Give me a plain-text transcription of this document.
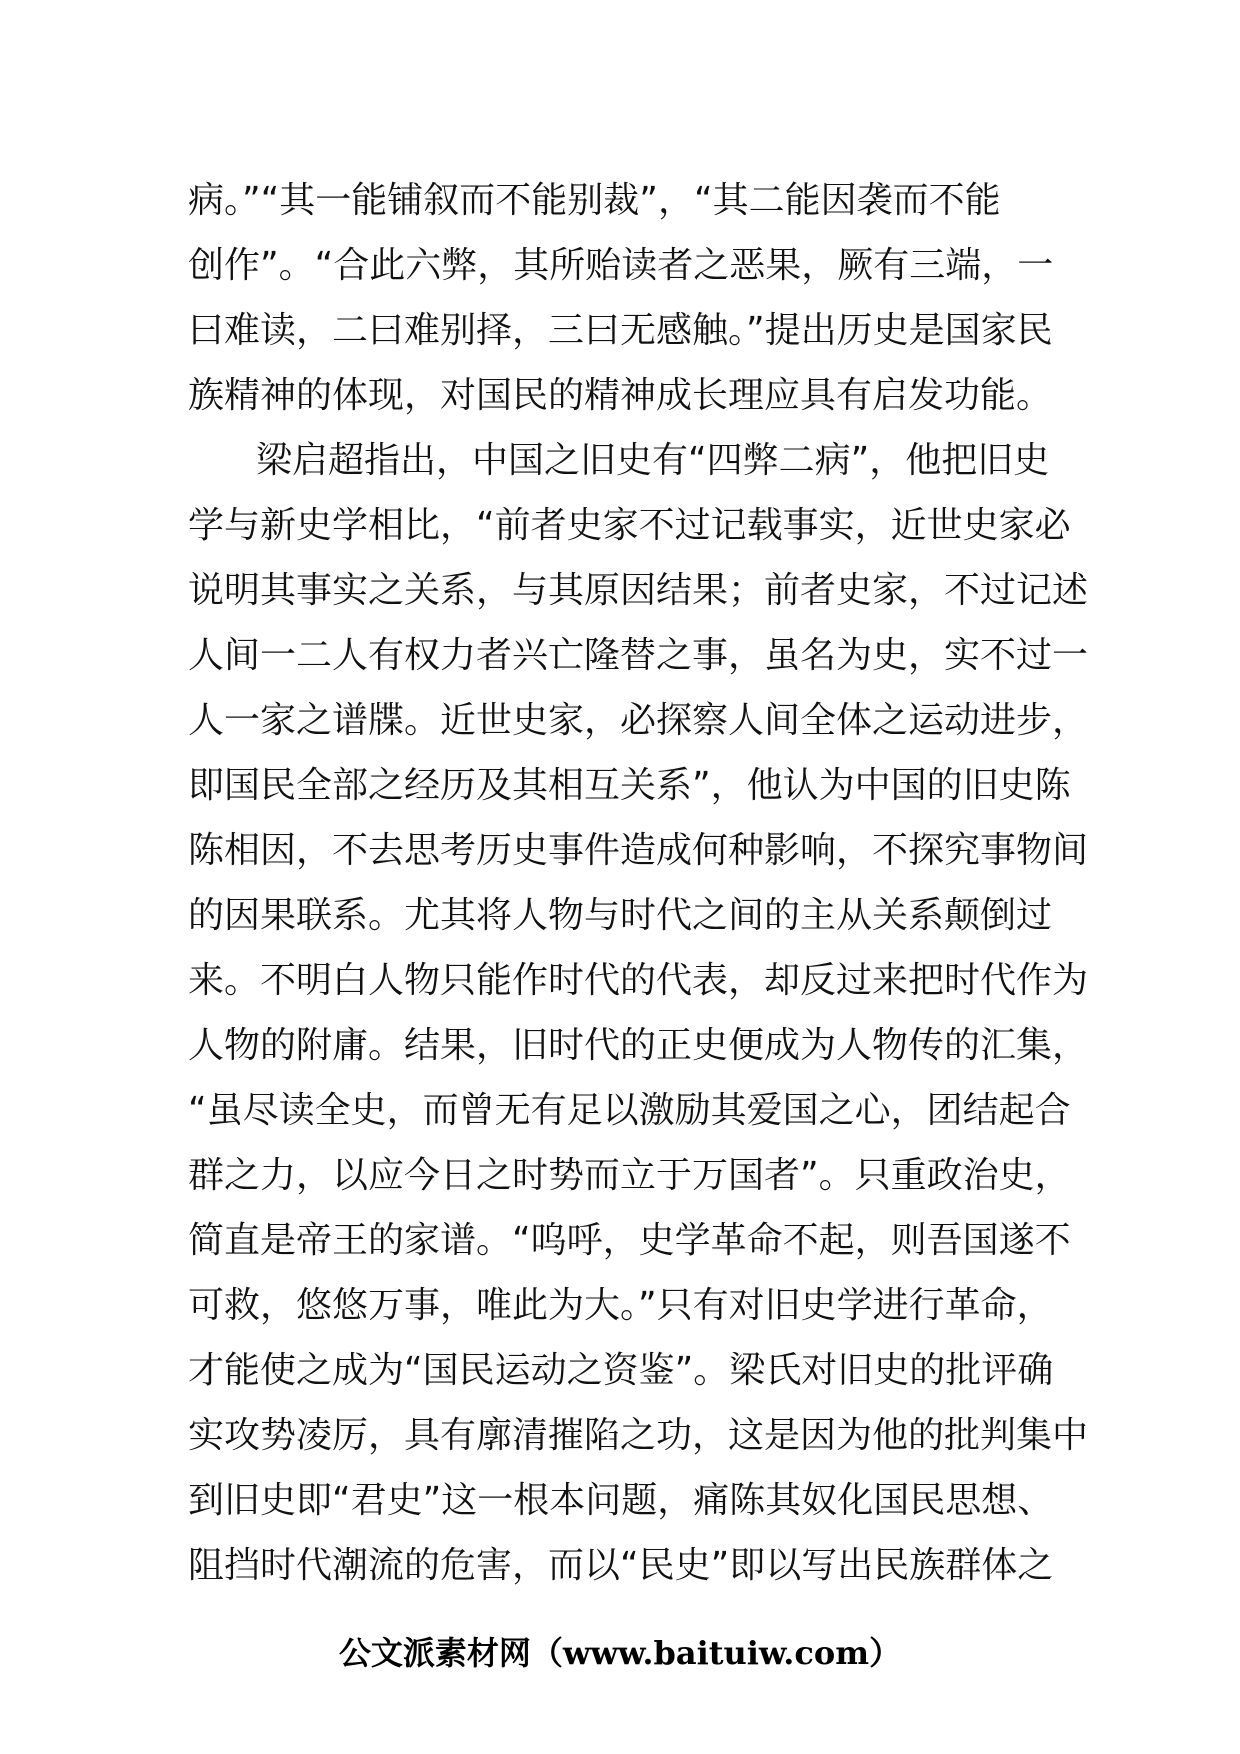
病。”“其一能铺叙而不能别裁”，“其二能因袭而不能
创作”。“合此六弊，其所贻读者之恶果，厥有三端，一
曰难读，二曰难别择，三曰无感触。”提出历史是国家民
族精神的体现，对国民的精神成长理应具有启发功能。
梁启超指出，中国之旧史有“四弊二病”，他把旧史
学与新史学相比，“前者史家不过记载事实，近世史家必
说明其事实之关系，与其原因结果；前者史家，不过记述
人间一二人有权力者兴亡隆替之事，虽名为史，实不过一
人一家之谱牒。近世史家，必探察人间全体之运动进步，
即国民全部之经历及其相互关系”，他认为中国的旧史陈
陈相因，不去思考历史事件造成何种影响，不探究事物间
的因果联系。尤其将人物与时代之间的主从关系颠倒过
来。不明白人物只能作时代的代表，却反过来把时代作为
人物的附庸。结果，旧时代的正史便成为人物传的汇集，
“虽尽读全史，而曾无有足以激励其爱国之心，团结起合
群之力，以应今日之时势而立于万国者”。只重政治史，
简直是帝王的家谱。“呜呼，史学革命不起，则吾国遂不
可救，悠悠万事，唯此为大。”只有对旧史学进行革命，
才能使之成为“国民运动之资鉴”。梁氏对旧史的批评确
实攻势凌厉，具有廓清摧陷之功，这是因为他的批判集中
到旧史即“君史”这一根本问题，痛陈其奴化国民思想、
阻挡时代潮流的危害，而以“民史”即以写出民族群体之
公文派素材网（www.baituiw.com）
